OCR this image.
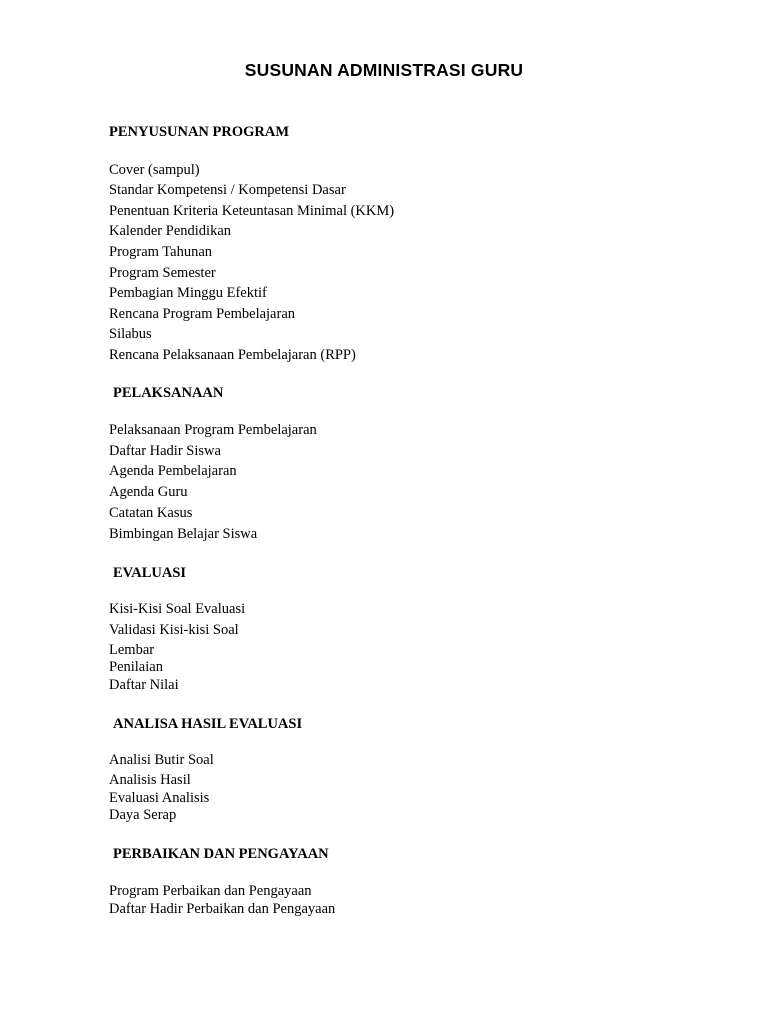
SUSUNAN ADMINISTRASI GURU
PENYUSUNAN PROGRAM
Cover (sampul)
Standar Kompetensi / Kompetensi Dasar
Penentuan Kriteria Keteuntasan Minimal (KKM)
Kalender Pendidikan
Program Tahunan
Program Semester
Pembagian Minggu Efektif
Rencana Program Pembelajaran
Silabus
Rencana Pelaksanaan Pembelajaran (RPP)
PELAKSANAAN
Pelaksanaan Program Pembelajaran
Daftar Hadir Siswa
Agenda Pembelajaran
Agenda Guru
Catatan Kasus
Bimbingan Belajar Siswa
EVALUASI
Kisi-Kisi Soal Evaluasi
Validasi Kisi-kisi Soal
Lembar
Penilaian
Daftar Nilai
ANALISA HASIL EVALUASI
Analisi Butir Soal
Analisis Hasil
Evaluasi Analisis
Daya Serap
PERBAIKAN DAN PENGAYAAN
Program Perbaikan dan Pengayaan
Daftar Hadir Perbaikan dan Pengayaan
